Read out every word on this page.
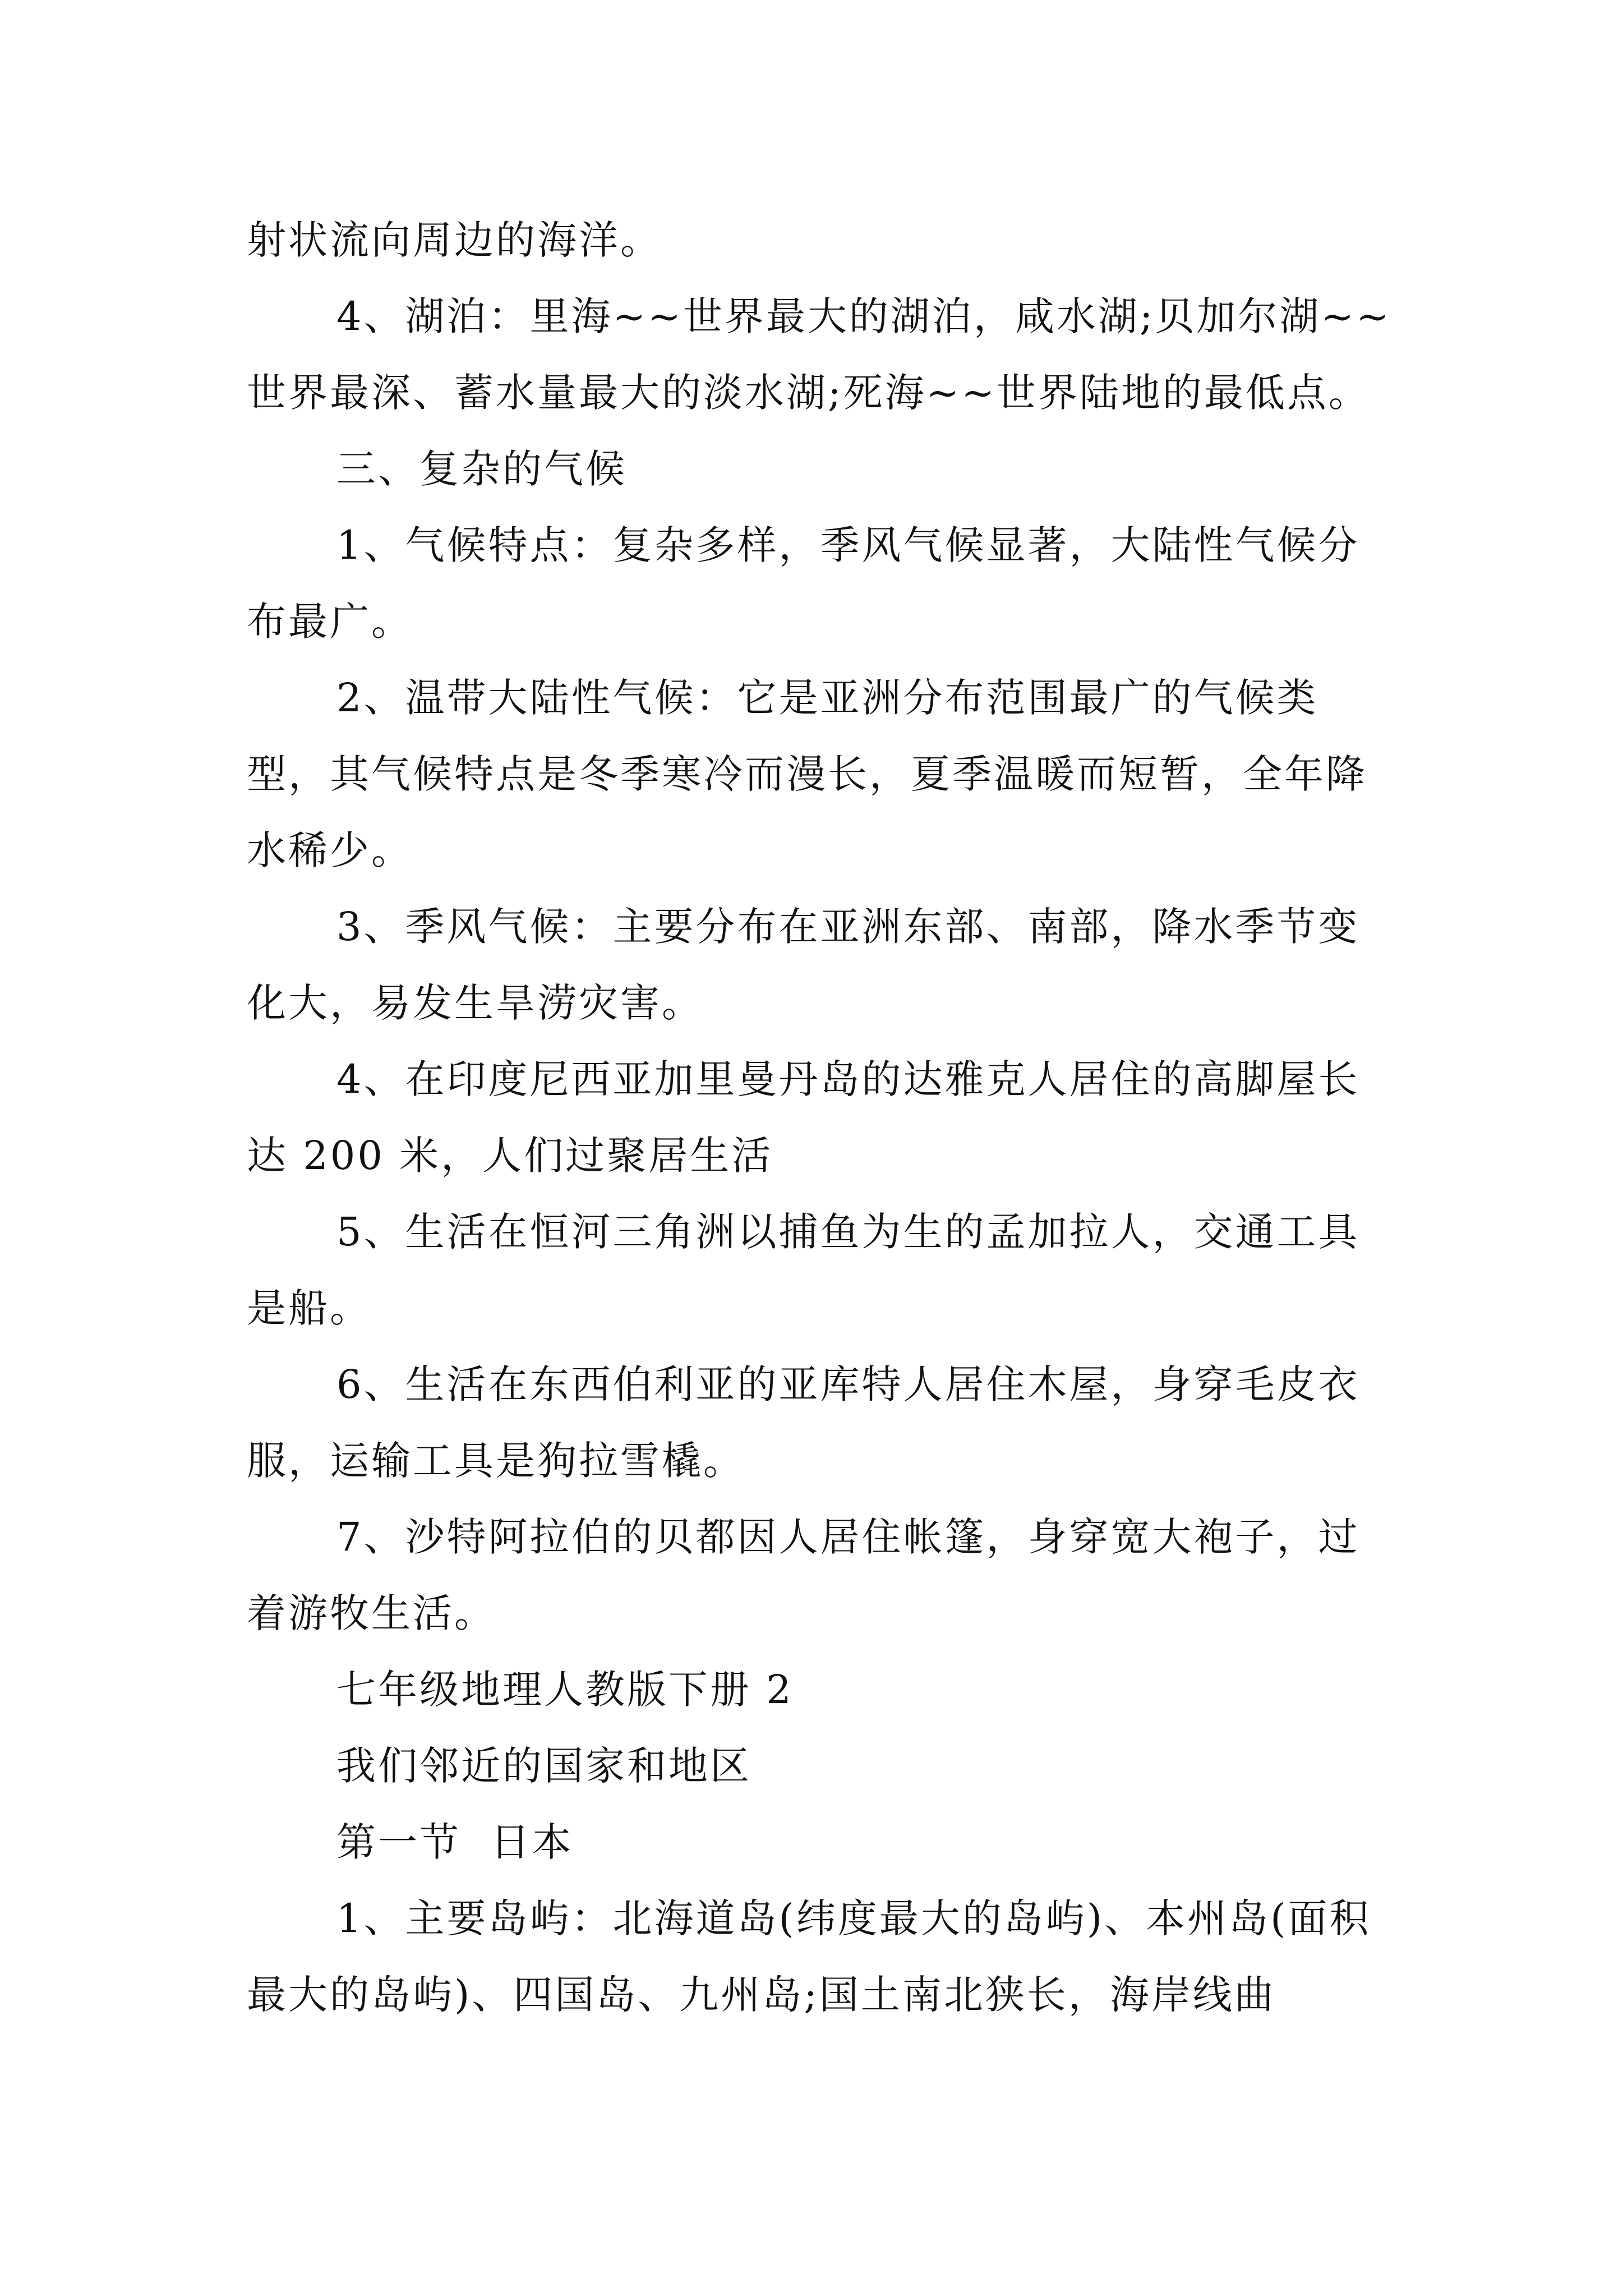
射状流向周边的海洋。

4、湖泊：里海~~世界最大的湖泊，咸水湖;贝加尔湖~~世界最深、蓄水量最大的淡水湖;死海~~世界陆地的最低点。

三、复杂的气候

1、气候特点：复杂多样，季风气候显著，大陆性气候分布最广。

2、温带大陆性气候：它是亚洲分布范围最广的气候类型，其气候特点是冬季寒冷而漫长，夏季温暖而短暂，全年降水稀少。

3、季风气候：主要分布在亚洲东部、南部，降水季节变化大，易发生旱涝灾害。

4、在印度尼西亚加里曼丹岛的达雅克人居住的高脚屋长达 200 米，人们过聚居生活

5、生活在恒河三角洲以捕鱼为生的孟加拉人，交通工具是船。

6、生活在东西伯利亚的亚库特人居住木屋，身穿毛皮衣服，运输工具是狗拉雪橇。

7、沙特阿拉伯的贝都因人居住帐篷，身穿宽大袍子，过着游牧生活。

七年级地理人教版下册 2

我们邻近的国家和地区

第一节  日本

1、主要岛屿：北海道岛(纬度最大的岛屿)、本州岛(面积最大的岛屿)、四国岛、九州岛;国土南北狭长，海岸线曲
